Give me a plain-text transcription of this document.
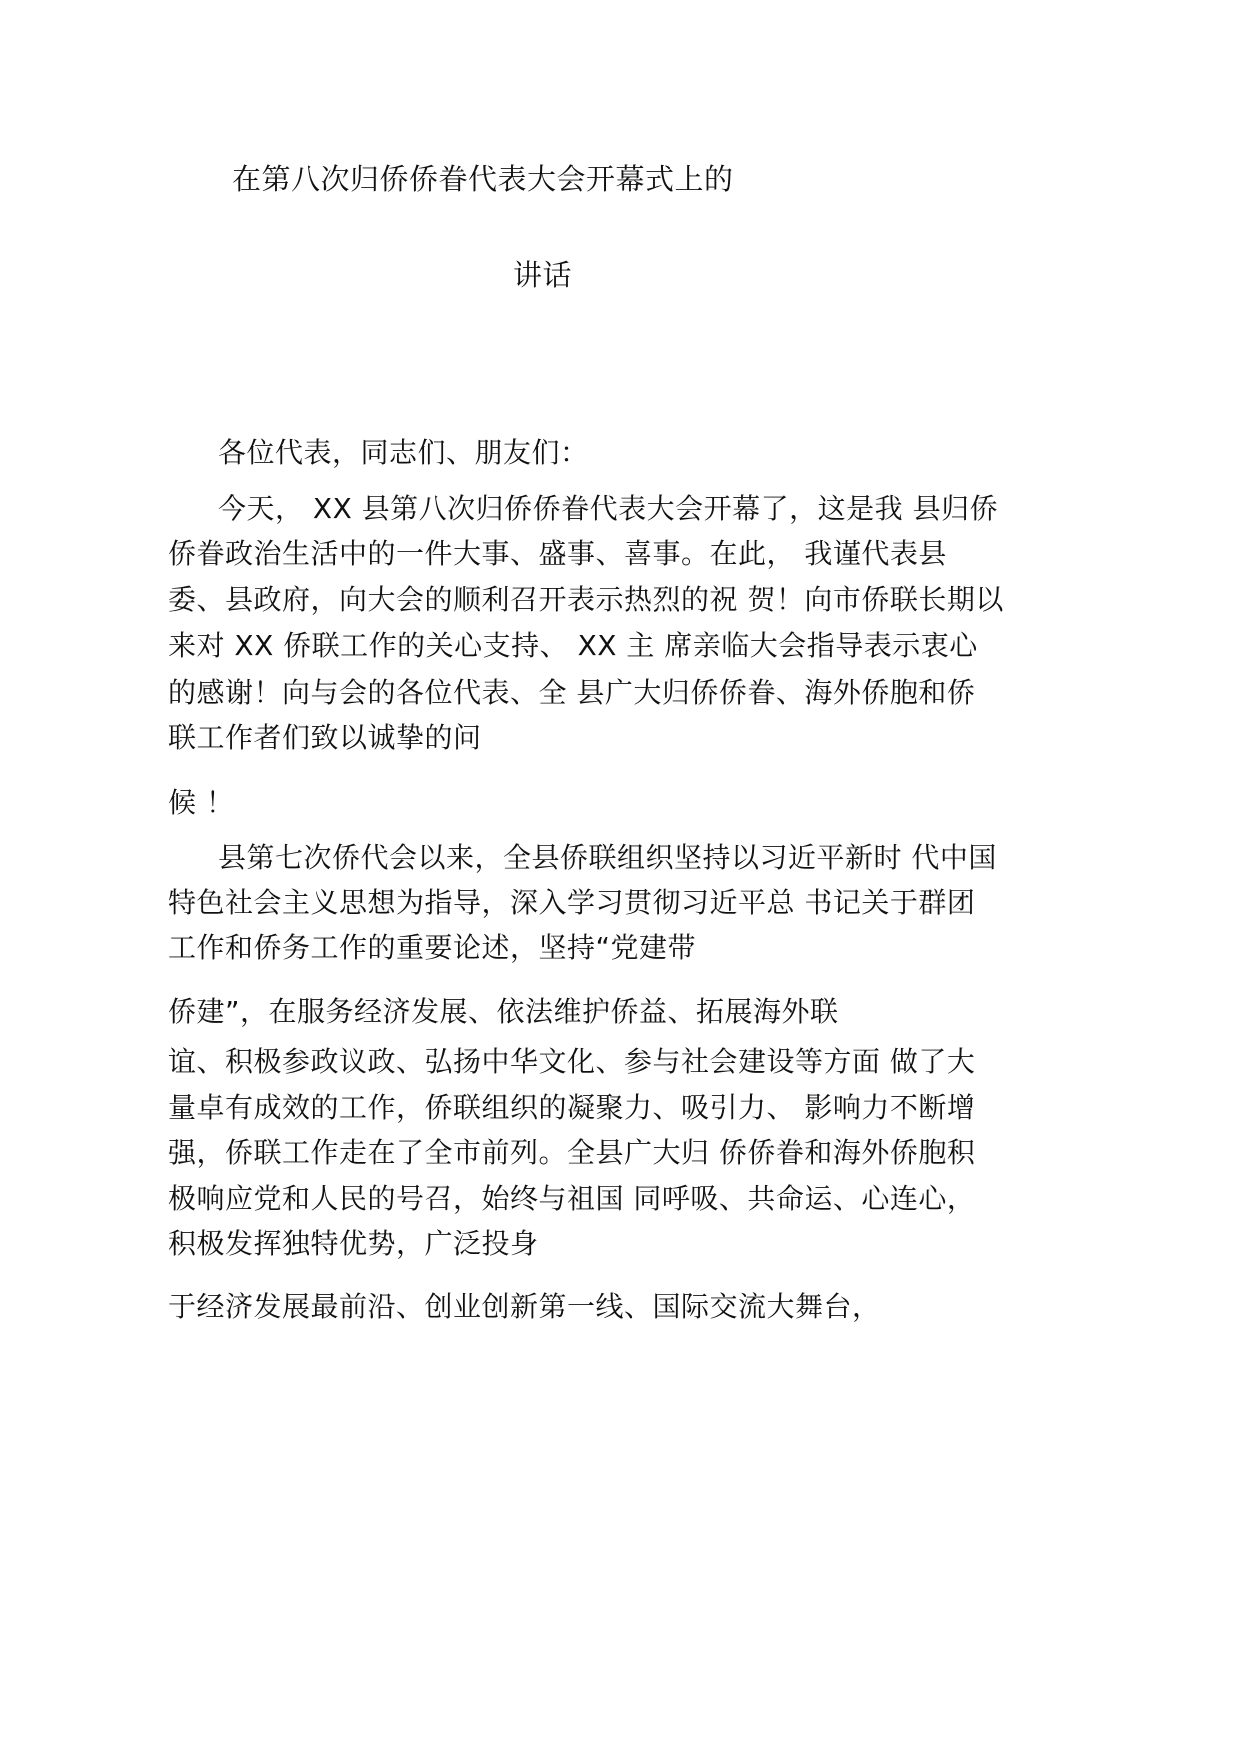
在第八次归侨侨眷代表大会开幕式上的
讲话
各位代表，同志们、朋友们：
今天， XX 县第八次归侨侨眷代表大会开幕了，这是我 县归侨
侨眷政治生活中的一件大事、盛事、喜事。在此， 我谨代表县
委、县政府，向大会的顺利召开表示热烈的祝 贺！向市侨联长期以
来对 XX 侨联工作的关心支持、 XX 主 席亲临大会指导表示衷心
的感谢！向与会的各位代表、全 县广大归侨侨眷、海外侨胞和侨
联工作者们致以诚挚的问
候 ！
县第七次侨代会以来，全县侨联组织坚持以习近平新时 代中国
特色社会主义思想为指导，深入学习贯彻习近平总 书记关于群团
工作和侨务工作的重要论述，坚持“党建带
侨建”，在服务经济发展、依法维护侨益、拓展海外联
谊、积极参政议政、弘扬中华文化、参与社会建设等方面 做了大
量卓有成效的工作，侨联组织的凝聚力、吸引力、 影响力不断增
强，侨联工作走在了全市前列。全县广大归 侨侨眷和海外侨胞积
极响应党和人民的号召，始终与祖国 同呼吸、共命运、心连心，
积极发挥独特优势，广泛投身
于经济发展最前沿、创业创新第一线、国际交流大舞台，
